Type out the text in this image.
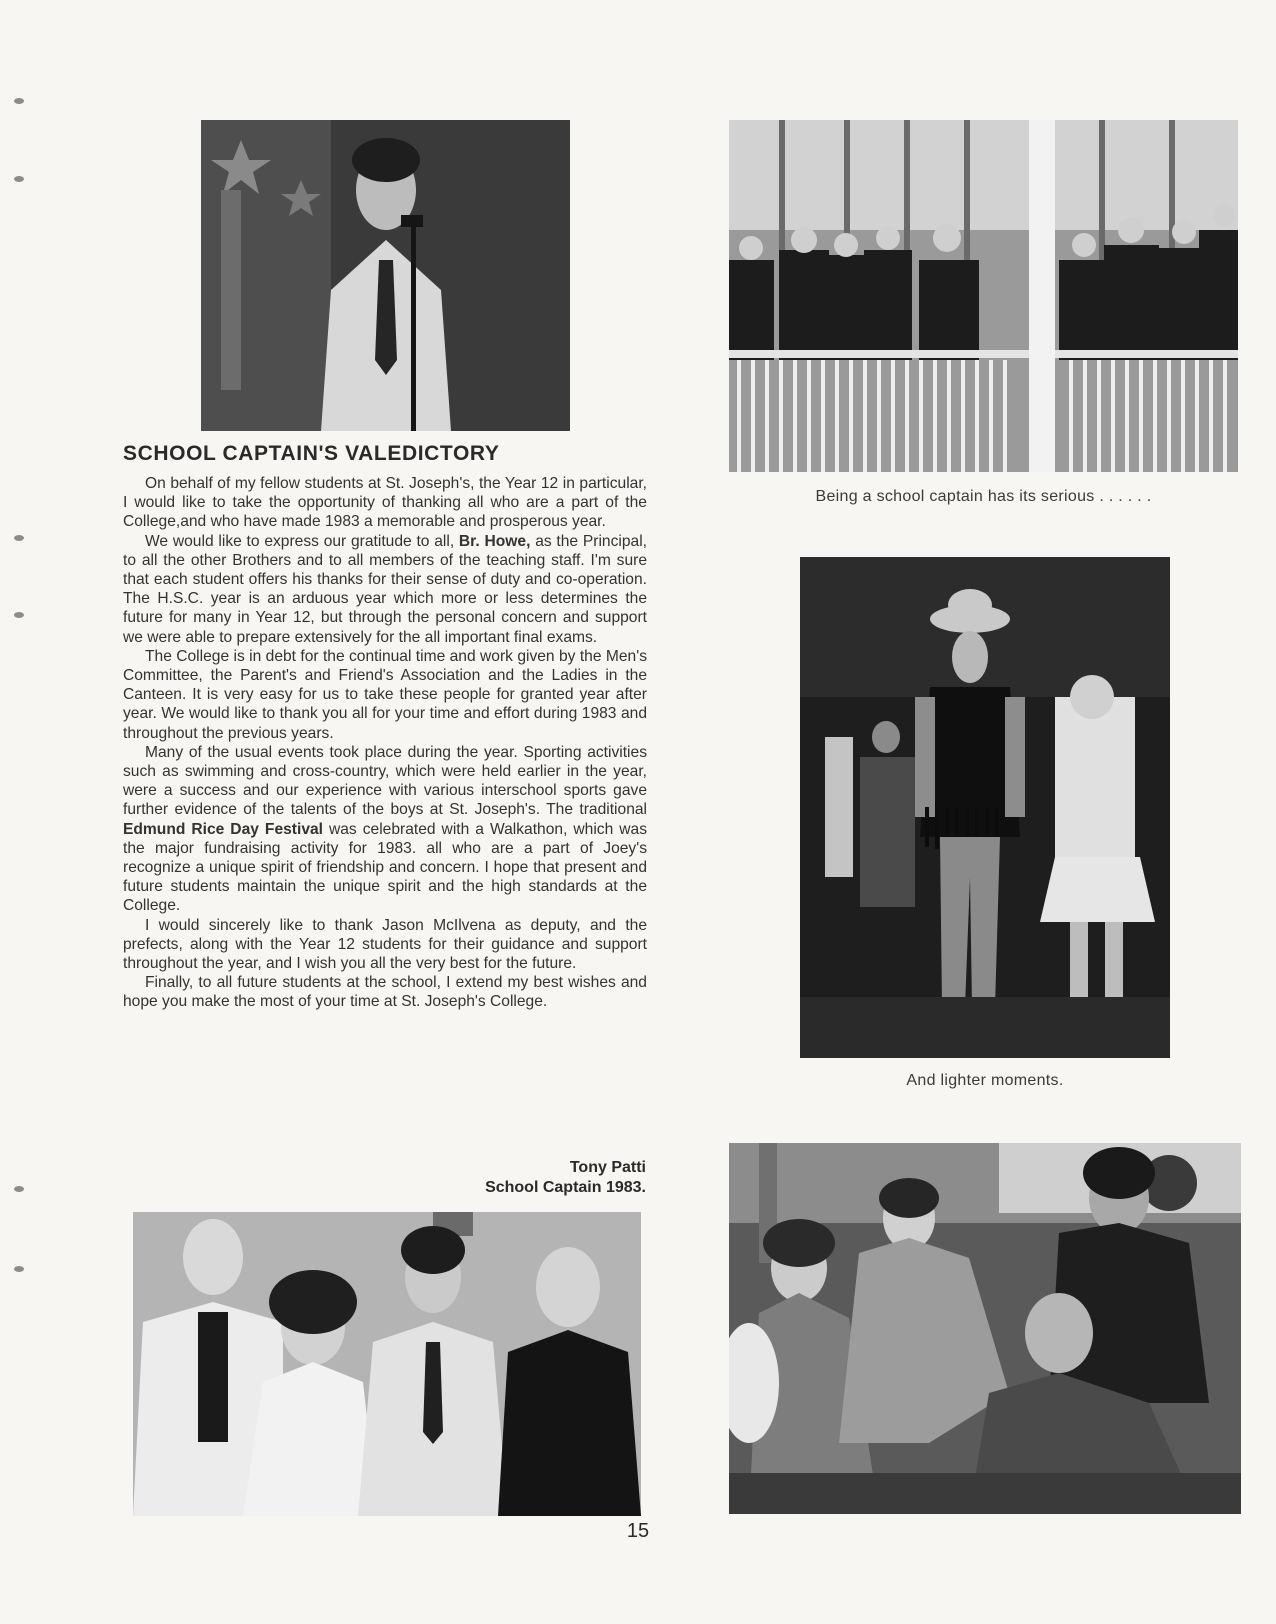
Being a school captain has its serious . . . . . .
And lighter moments.
SCHOOL CAPTAIN'S VALEDICTORY

On behalf of my fellow students at St. Joseph's, the Year 12 in particular, I would like to take the opportunity of thanking all who are a part of the College,and who have made 1983 a memorable and prosperous year.

We would like to express our gratitude to all, Br. Howe, as the Principal, to all the other Brothers and to all members of the teaching staff. I'm sure that each student offers his thanks for their sense of duty and co-operation. The H.S.C. year is an arduous year which more or less determines the future for many in Year 12, but through the personal concern and support we were able to prepare extensively for the all important final exams.

The College is in debt for the continual time and work given by the Men's Committee, the Parent's and Friend's Association and the Ladies in the Canteen. It is very easy for us to take these people for granted year after year. We would like to thank you all for your time and effort during 1983 and throughout the previous years.

Many of the usual events took place during the year. Sporting activities such as swimming and cross-country, which were held earlier in the year, were a success and our experience with various interschool sports gave further evidence of the talents of the boys at St. Joseph's. The traditional Edmund Rice Day Festival was celebrated with a Walkathon, which was the major fundraising activity for 1983. all who are a part of Joey's recognize a unique spirit of friendship and concern. I hope that present and future students maintain the unique spirit and the high standards at the College.

I would sincerely like to thank Jason McIlvena as deputy, and the prefects, along with the Year 12 students for their guidance and support throughout the year, and I wish you all the very best for the future.

Finally, to all future students at the school, I extend my best wishes and hope you make the most of your time at St. Joseph's College.

Tony Patti
School Captain 1983.
15
